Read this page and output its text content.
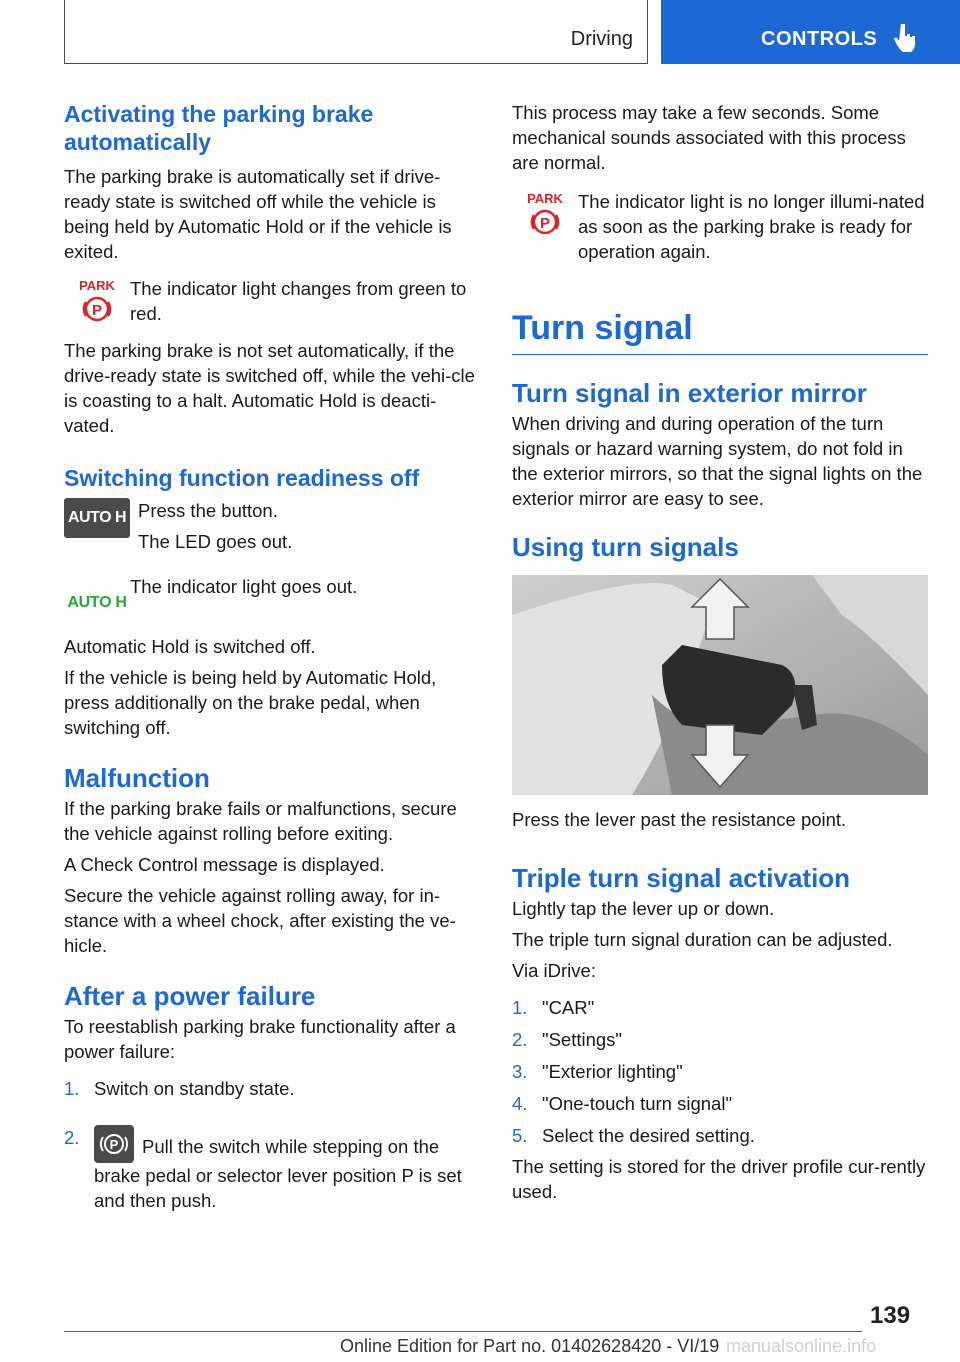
Driving	CONTROLS
Activating the parking brake automatically

The parking brake is automatically set if drive-ready state is switched off while the vehicle is being held by Automatic Hold or if the vehicle is exited.

PARK
P

The indicator light changes from green to red.

The parking brake is not set automatically, if the drive-ready state is switched off, while the vehi-cle is coasting to a halt. Automatic Hold is deacti-vated.

Switching function readiness off
AUTO H Press the button.

The LED goes out.

AUTO H

The indicator light goes out.

Automatic Hold is switched off.

If the vehicle is being held by Automatic Hold, press additionally on the brake pedal, when switching off.

Malfunction

If the parking brake fails or malfunctions, secure the vehicle against rolling before exiting.

A Check Control message is displayed.

Secure the vehicle against rolling away, for in-stance with a wheel chock, after existing the ve-hicle.

After a power failure

To reestablish parking brake functionality after a power failure:

1. Switch on standby state.
2.	P Pull the switch while stepping on the brake pedal or selector lever position P is set and then push.

This process may take a few seconds. Some mechanical sounds associated with this process are normal.

PARK
P

The indicator light is no longer illumi-nated as soon as the parking brake is ready for operation again.

Turn signal
Turn signal in exterior mirror

When driving and during operation of the turn signals or hazard warning system, do not fold in the exterior mirrors, so that the signal lights on the exterior mirror are easy to see.

Using turn signals

Press the lever past the resistance point.

Triple turn signal activation

Lightly tap the lever up or down.

The triple turn signal duration can be adjusted.

Via iDrive:

1. "CAR"
2. "Settings"
3. "Exterior lighting"
4. "One-touch turn signal"
5. Select the desired setting.

The setting is stored for the driver profile cur-rently used.

139
Online Edition for Part no. 01402628420 - VI/19 manualsonline.info
